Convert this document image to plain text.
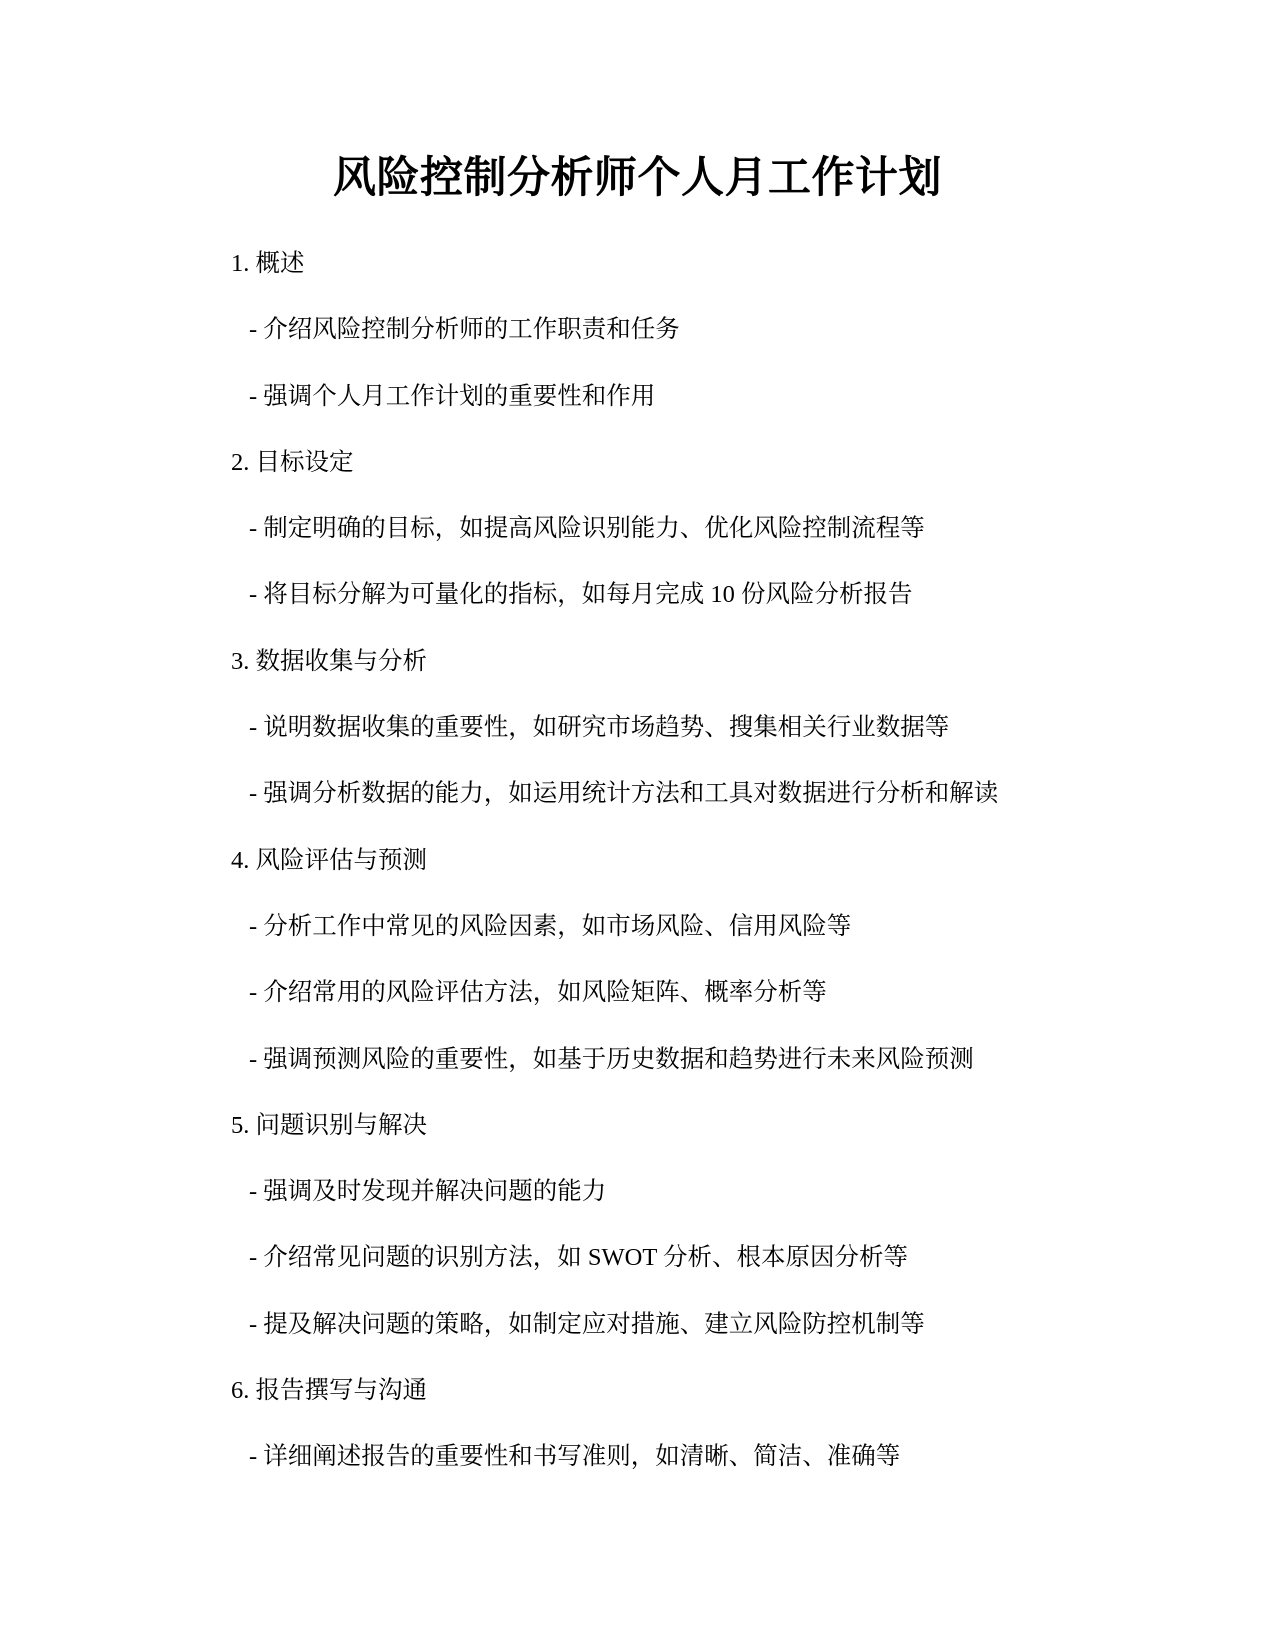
风险控制分析师个人月工作计划
1. 概述
- 介绍风险控制分析师的工作职责和任务
- 强调个人月工作计划的重要性和作用
2. 目标设定
- 制定明确的目标，如提高风险识别能力、优化风险控制流程等
- 将目标分解为可量化的指标，如每月完成 10 份风险分析报告
3. 数据收集与分析
- 说明数据收集的重要性，如研究市场趋势、搜集相关行业数据等
- 强调分析数据的能力，如运用统计方法和工具对数据进行分析和解读
4. 风险评估与预测
- 分析工作中常见的风险因素，如市场风险、信用风险等
- 介绍常用的风险评估方法，如风险矩阵、概率分析等
- 强调预测风险的重要性，如基于历史数据和趋势进行未来风险预测
5. 问题识别与解决
- 强调及时发现并解决问题的能力
- 介绍常见问题的识别方法，如 SWOT 分析、根本原因分析等
- 提及解决问题的策略，如制定应对措施、建立风险防控机制等
6. 报告撰写与沟通
- 详细阐述报告的重要性和书写准则，如清晰、简洁、准确等
